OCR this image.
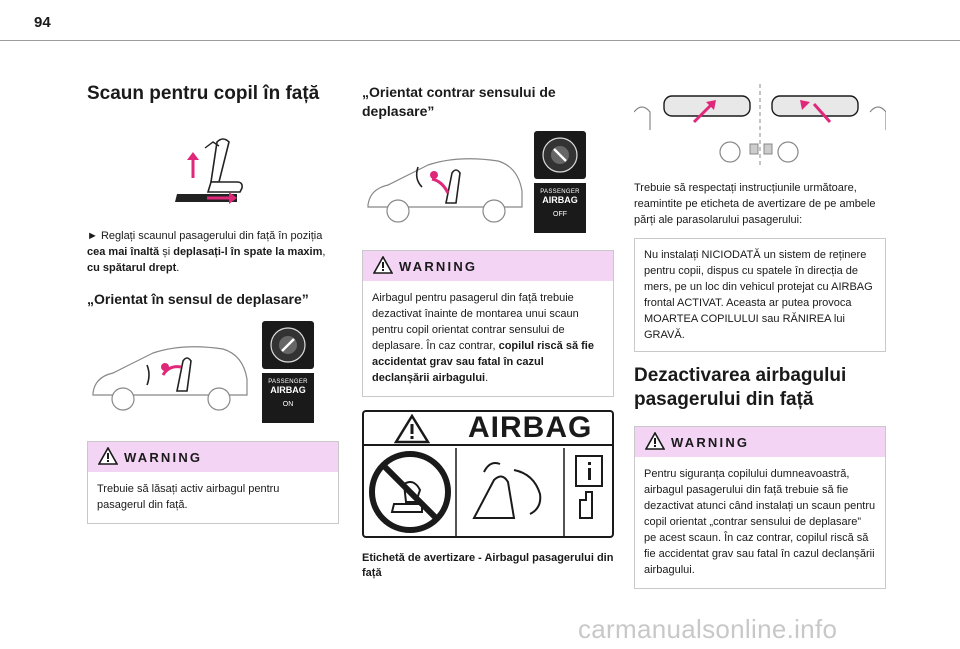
94
Scaun pentru copil în față

► Reglați scaunul pasagerului din față în poziția cea mai înaltă și deplasați-l în spate la maxim, cu spătarul drept.

„Orientat în sensul de deplasare”
PASSENGER
AIRBAG
ON
WARNING
Trebuie să lăsați activ airbagul pentru pasagerul din față.
„Orientat contrar sensului de deplasare”
PASSENGER
AIRBAG
OFF
WARNING
Airbagul pentru pasagerul din față trebuie dezactivat înainte de montarea unui scaun pentru copil orientat contrar sensului de deplasare. În caz contrar, copilul riscă să fie accidentat grav sau fatal în cazul declanșării airbagului.
AIRBAG

Etichetă de avertizare - Airbagul pasagerului din față

Trebuie să respectați instrucțiunile următoare, reamintite pe eticheta de avertizare de pe ambele părți ale parasolarului pasagerului:

Nu instalați NICIODATĂ un sistem de reținere pentru copii, dispus cu spatele în direcția de mers, pe un loc din vehicul protejat cu AIRBAG frontal ACTIVAT. Aceasta ar putea provoca MOARTEA COPILULUI sau RĂNIREA lui GRAVĂ.
Dezactivarea airbagului pasagerului din față
WARNING
Pentru siguranța copilului dumneavoastră, airbagul pasagerului din față trebuie să fie dezactivat atunci când instalați un scaun pentru copil orientat „contrar sensului de deplasare” pe acest scaun. În caz contrar, copilul riscă să fie accidentat grav sau fatal în cazul declanșării airbagului.
carmanualsonline.info
